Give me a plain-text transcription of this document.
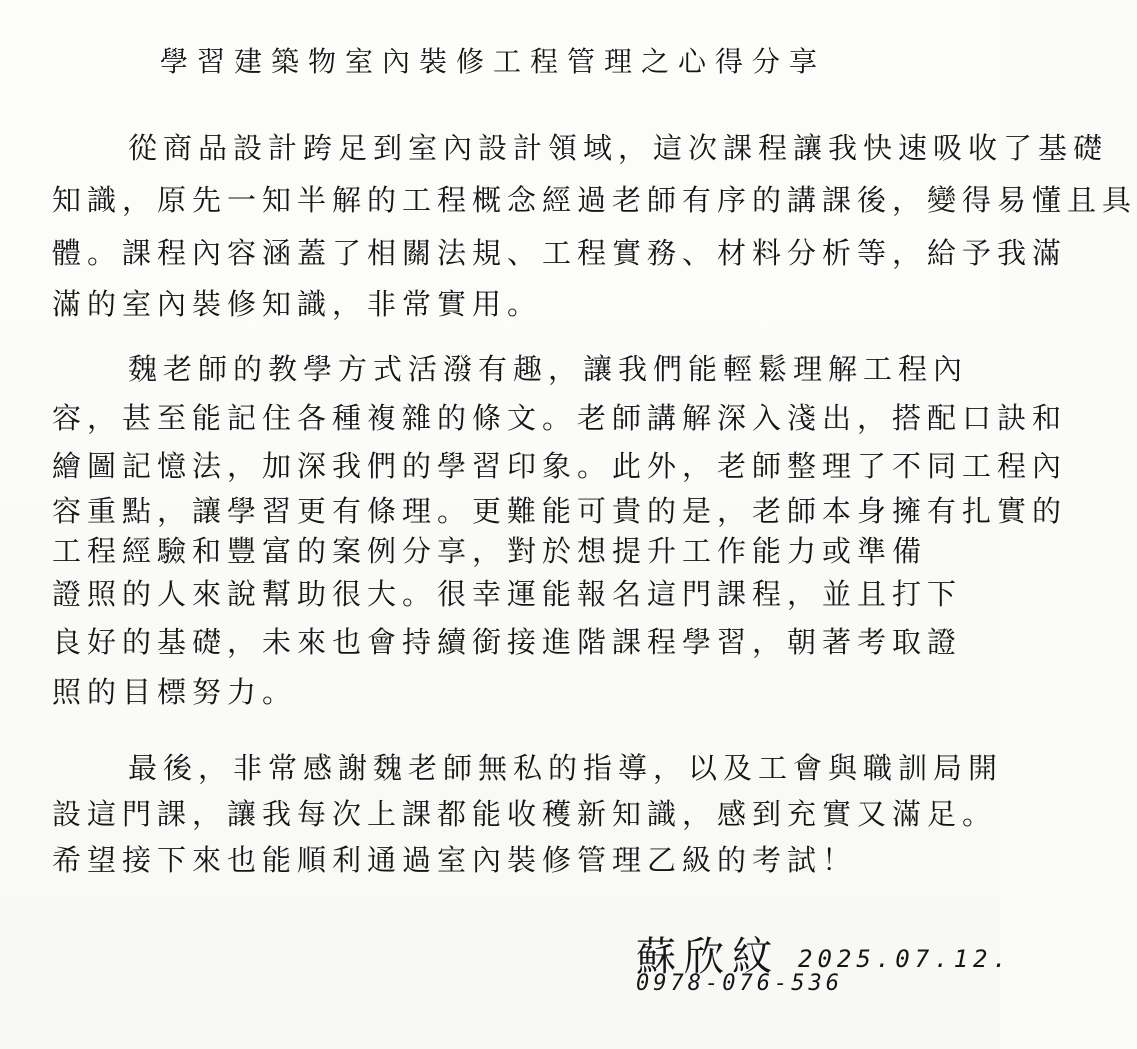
學習建築物室內裝修工程管理之心得分享
從商品設計跨足到室內設計領域，這次課程讓我快速吸收了基礎
知識，原先一知半解的工程概念經過老師有序的講課後，變得易懂且具
體。課程內容涵蓋了相關法規、工程實務、材料分析等，給予我滿
滿的室內裝修知識，非常實用。
魏老師的教學方式活潑有趣，讓我們能輕鬆理解工程內
容，甚至能記住各種複雜的條文。老師講解深入淺出，搭配口訣和
繪圖記憶法，加深我們的學習印象。此外，老師整理了不同工程內
容重點，讓學習更有條理。更難能可貴的是，老師本身擁有扎實的
工程經驗和豐富的案例分享，對於想提升工作能力或準備
證照的人來說幫助很大。很幸運能報名這門課程，並且打下
良好的基礎，未來也會持續銜接進階課程學習，朝著考取證
照的目標努力。
最後，非常感謝魏老師無私的指導，以及工會與職訓局開
設這門課，讓我每次上課都能收穫新知識，感到充實又滿足。
希望接下來也能順利通過室內裝修管理乙級的考試！
蘇欣紋 2025.07.12.
0978-076-536
